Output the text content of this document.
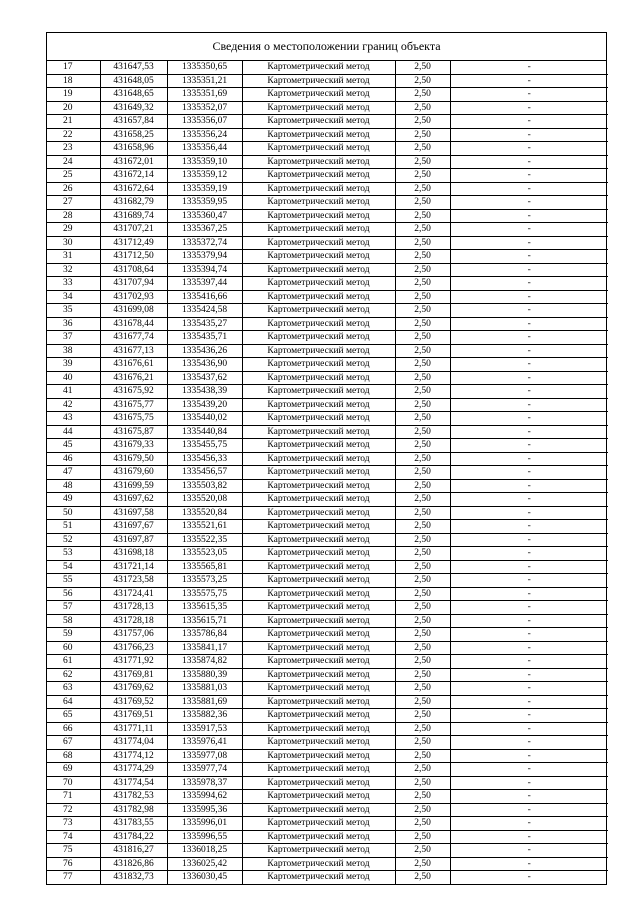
Сведения о местоположении границ объекта
17	431647,53	1335350,65	Картометрический метод	2,50	-
18	431648,05	1335351,21	Картометрический метод	2,50	-
19	431648,65	1335351,69	Картометрический метод	2,50	-
20	431649,32	1335352,07	Картометрический метод	2,50	-
21	431657,84	1335356,07	Картометрический метод	2,50	-
22	431658,25	1335356,24	Картометрический метод	2,50	-
23	431658,96	1335356,44	Картометрический метод	2,50	-
24	431672,01	1335359,10	Картометрический метод	2,50	-
25	431672,14	1335359,12	Картометрический метод	2,50	-
26	431672,64	1335359,19	Картометрический метод	2,50	-
27	431682,79	1335359,95	Картометрический метод	2,50	-
28	431689,74	1335360,47	Картометрический метод	2,50	-
29	431707,21	1335367,25	Картометрический метод	2,50	-
30	431712,49	1335372,74	Картометрический метод	2,50	-
31	431712,50	1335379,94	Картометрический метод	2,50	-
32	431708,64	1335394,74	Картометрический метод	2,50	-
33	431707,94	1335397,44	Картометрический метод	2,50	-
34	431702,93	1335416,66	Картометрический метод	2,50	-
35	431699,08	1335424,58	Картометрический метод	2,50	-
36	431678,44	1335435,27	Картометрический метод	2,50	-
37	431677,74	1335435,71	Картометрический метод	2,50	-
38	431677,13	1335436,26	Картометрический метод	2,50	-
39	431676,61	1335436,90	Картометрический метод	2,50	-
40	431676,21	1335437,62	Картометрический метод	2,50	-
41	431675,92	1335438,39	Картометрический метод	2,50	-
42	431675,77	1335439,20	Картометрический метод	2,50	-
43	431675,75	1335440,02	Картометрический метод	2,50	-
44	431675,87	1335440,84	Картометрический метод	2,50	-
45	431679,33	1335455,75	Картометрический метод	2,50	-
46	431679,50	1335456,33	Картометрический метод	2,50	-
47	431679,60	1335456,57	Картометрический метод	2,50	-
48	431699,59	1335503,82	Картометрический метод	2,50	-
49	431697,62	1335520,08	Картометрический метод	2,50	-
50	431697,58	1335520,84	Картометрический метод	2,50	-
51	431697,67	1335521,61	Картометрический метод	2,50	-
52	431697,87	1335522,35	Картометрический метод	2,50	-
53	431698,18	1335523,05	Картометрический метод	2,50	-
54	431721,14	1335565,81	Картометрический метод	2,50	-
55	431723,58	1335573,25	Картометрический метод	2,50	-
56	431724,41	1335575,75	Картометрический метод	2,50	-
57	431728,13	1335615,35	Картометрический метод	2,50	-
58	431728,18	1335615,71	Картометрический метод	2,50	-
59	431757,06	1335786,84	Картометрический метод	2,50	-
60	431766,23	1335841,17	Картометрический метод	2,50	-
61	431771,92	1335874,82	Картометрический метод	2,50	-
62	431769,81	1335880,39	Картометрический метод	2,50	-
63	431769,62	1335881,03	Картометрический метод	2,50	-
64	431769,52	1335881,69	Картометрический метод	2,50	-
65	431769,51	1335882,36	Картометрический метод	2,50	-
66	431771,11	1335917,53	Картометрический метод	2,50	-
67	431774,04	1335976,41	Картометрический метод	2,50	-
68	431774,12	1335977,08	Картометрический метод	2,50	-
69	431774,29	1335977,74	Картометрический метод	2,50	-
70	431774,54	1335978,37	Картометрический метод	2,50	-
71	431782,53	1335994,62	Картометрический метод	2,50	-
72	431782,98	1335995,36	Картометрический метод	2,50	-
73	431783,55	1335996,01	Картометрический метод	2,50	-
74	431784,22	1335996,55	Картометрический метод	2,50	-
75	431816,27	1336018,25	Картометрический метод	2,50	-
76	431826,86	1336025,42	Картометрический метод	2,50	-
77	431832,73	1336030,45	Картометрический метод	2,50	-
